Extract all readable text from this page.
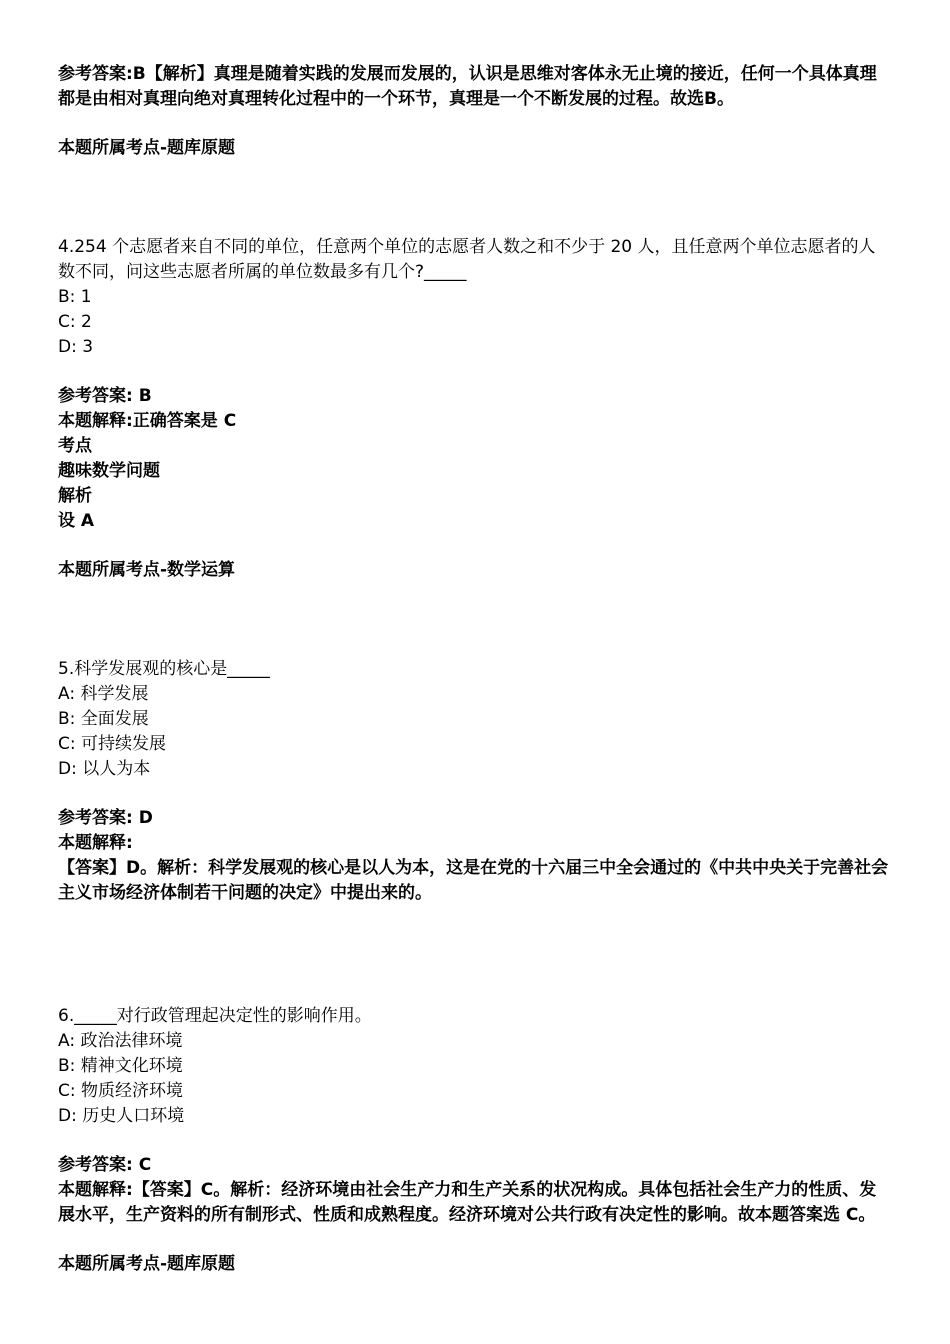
参考答案:B【解析】真理是随着实践的发展而发展的，认识是思维对客体永无止境的接近，任何一个具体真理都是由相对真理向绝对真理转化过程中的一个环节，真理是一个不断发展的过程。故选B。

本题所属考点-题库原题

4.254 个志愿者来自不同的单位，任意两个单位的志愿者人数之和不少于 20 人，且任意两个单位志愿者的人数不同，问这些志愿者所属的单位数最多有几个?_____

B: 1
C: 2
D: 3
参考答案: B
本题解释:正确答案是 C
考点
趣味数学问题
解析
设 A

本题所属考点-数学运算

5.科学发展观的核心是_____

A: 科学发展
B: 全面发展
C: 可持续发展
D: 以人为本
参考答案: D
本题解释:

【答案】D。解析：科学发展观的核心是以人为本，这是在党的十六届三中全会通过的《中共中央关于完善社会主义市场经济体制若干问题的决定》中提出来的。

6._____对行政管理起决定性的影响作用。

A: 政治法律环境
B: 精神文化环境
C: 物质经济环境
D: 历史人口环境
参考答案: C

本题解释:【答案】C。解析：经济环境由社会生产力和生产关系的状况构成。具体包括社会生产力的性质、发展水平，生产资料的所有制形式、性质和成熟程度。经济环境对公共行政有决定性的影响。故本题答案选 C。

本题所属考点-题库原题
